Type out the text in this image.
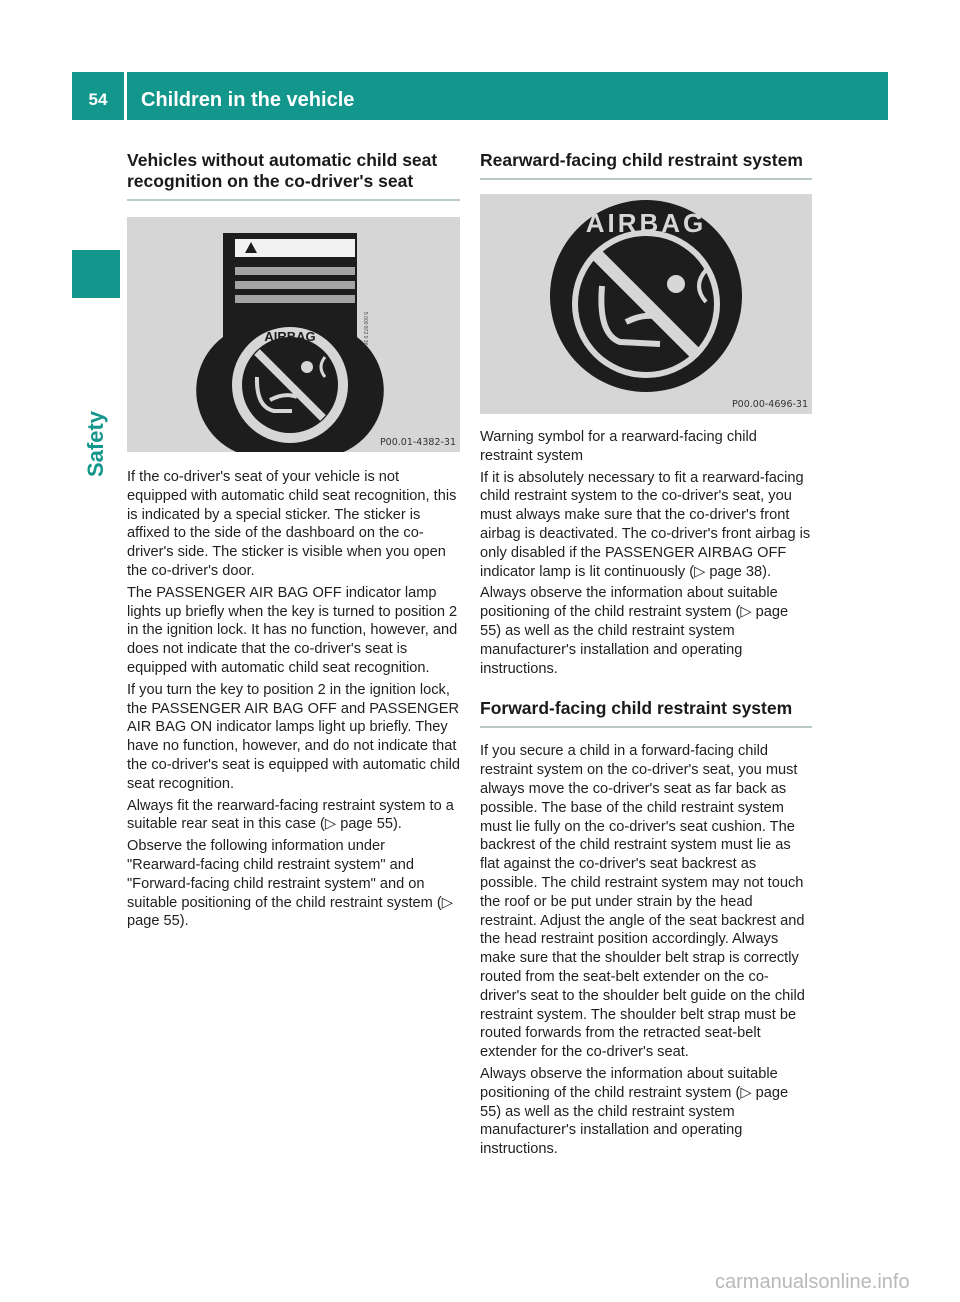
54	Children in the vehicle
Safety
Vehicles without automatic child seat recognition on the co-driver's seat
AIRBAG	5 000 872 0 36
P00.01-4382-31

If the co-driver's seat of your vehicle is not equipped with automatic child seat recognition, this is indicated by a special sticker. The sticker is affixed to the side of the dashboard on the co-driver's side. The sticker is visible when you open the co-driver's door.

The PASSENGER AIR BAG OFF indicator lamp lights up briefly when the key is turned to position 2 in the ignition lock. It has no function, however, and does not indicate that the co-driver's seat is equipped with automatic child seat recognition.

If you turn the key to position 2 in the ignition lock, the PASSENGER AIR BAG OFF and PASSENGER AIR BAG ON indicator lamps light up briefly. They have no function, however, and do not indicate that the co-driver's seat is equipped with automatic child seat recognition.

Always fit the rearward-facing restraint system to a suitable rear seat in this case (▷ page 55).

Observe the following information under "Rearward-facing child restraint system" and "Forward-facing child restraint system" and on suitable positioning of the child restraint system (▷ page 55).

Rearward-facing child restraint system
AIRBAG
P00.00-4696-31

Warning symbol for a rearward-facing child restraint system

If it is absolutely necessary to fit a rearward-facing child restraint system to the co-driver's seat, you must always make sure that the co-driver's front airbag is deactivated. The co-driver's front airbag is only disabled if the PASSENGER AIRBAG OFF indicator lamp is lit continuously (▷ page 38).

Always observe the information about suitable positioning of the child restraint system (▷ page 55) as well as the child restraint system manufacturer's installation and operating instructions.

Forward-facing child restraint system

If you secure a child in a forward-facing child restraint system on the co-driver's seat, you must always move the co-driver's seat as far back as possible. The base of the child restraint system must lie fully on the co-driver's seat cushion. The backrest of the child restraint system must lie as flat against the co-driver's seat backrest as possible. The child restraint system may not touch the roof or be put under strain by the head restraint. Adjust the angle of the seat backrest and the head restraint position accordingly. Always make sure that the shoulder belt strap is correctly routed from the seat-belt extender on the co-driver's seat to the shoulder belt guide on the child restraint system. The shoulder belt strap must be routed forwards from the retracted seat-belt extender for the co-driver's seat.

Always observe the information about suitable positioning of the child restraint system (▷ page 55) as well as the child restraint system manufacturer's installation and operating instructions.

carmanualsonline.info
